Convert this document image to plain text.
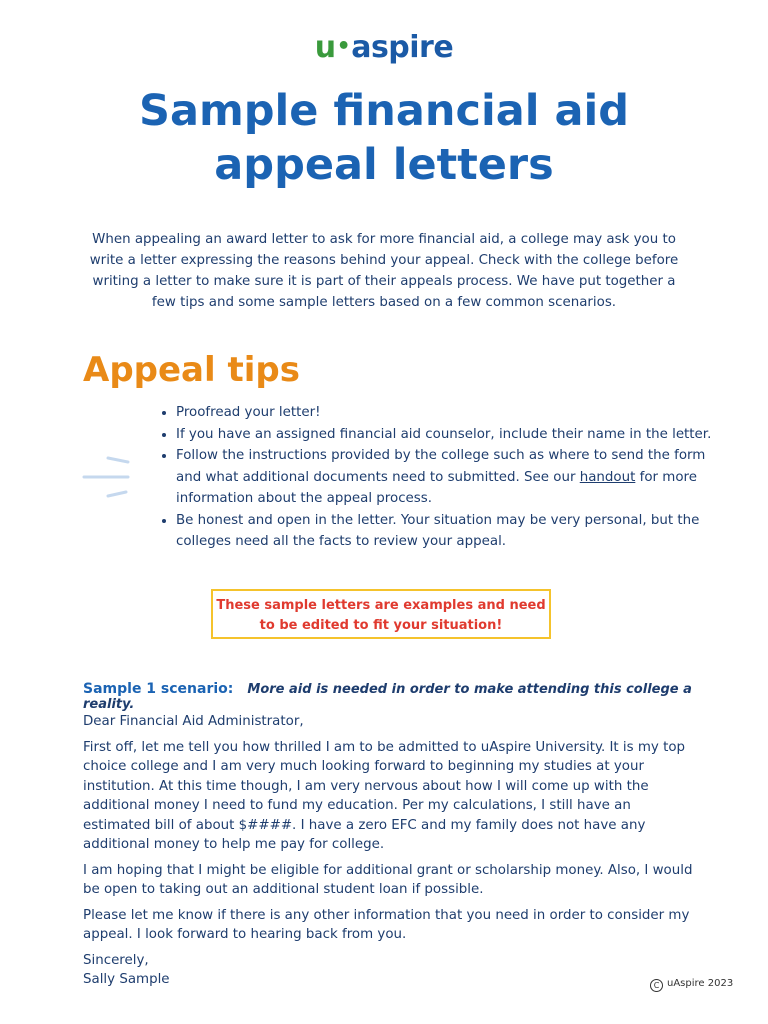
u•aspire
Sample financial aid
appeal letters

When appealing an award letter to ask for more financial aid, a college may ask you to write a letter expressing the reasons behind your appeal. Check with the college before writing a letter to make sure it is part of their appeals process. We have put together a few tips and some sample letters based on a few common scenarios.

Appeal tips
• Proofread your letter!
• If you have an assigned financial aid counselor, include their name in the letter.
• Follow the instructions provided by the college such as where to send the form and what additional documents need to submitted. See our handout for more information about the appeal process.
• Be honest and open in the letter. Your situation may be very personal, but the colleges need all the facts to review your appeal.
These sample letters are examples and need to be edited to fit your situation!
Sample 1 scenario: More aid is needed in order to make attending this college a reality.

Dear Financial Aid Administrator,

First off, let me tell you how thrilled I am to be admitted to uAspire University. It is my top choice college and I am very much looking forward to beginning my studies at your institution. At this time though, I am very nervous about how I will come up with the additional money I need to fund my education. Per my calculations, I still have an estimated bill of about $####. I have a zero EFC and my family does not have any additional money to help me pay for college.

I am hoping that I might be eligible for additional grant or scholarship money. Also, I would be open to taking out an additional student loan if possible.

Please let me know if there is any other information that you need in order to consider my appeal. I look forward to hearing back from you.

Sincerely,

Sally Sample	C uAspire 2023
